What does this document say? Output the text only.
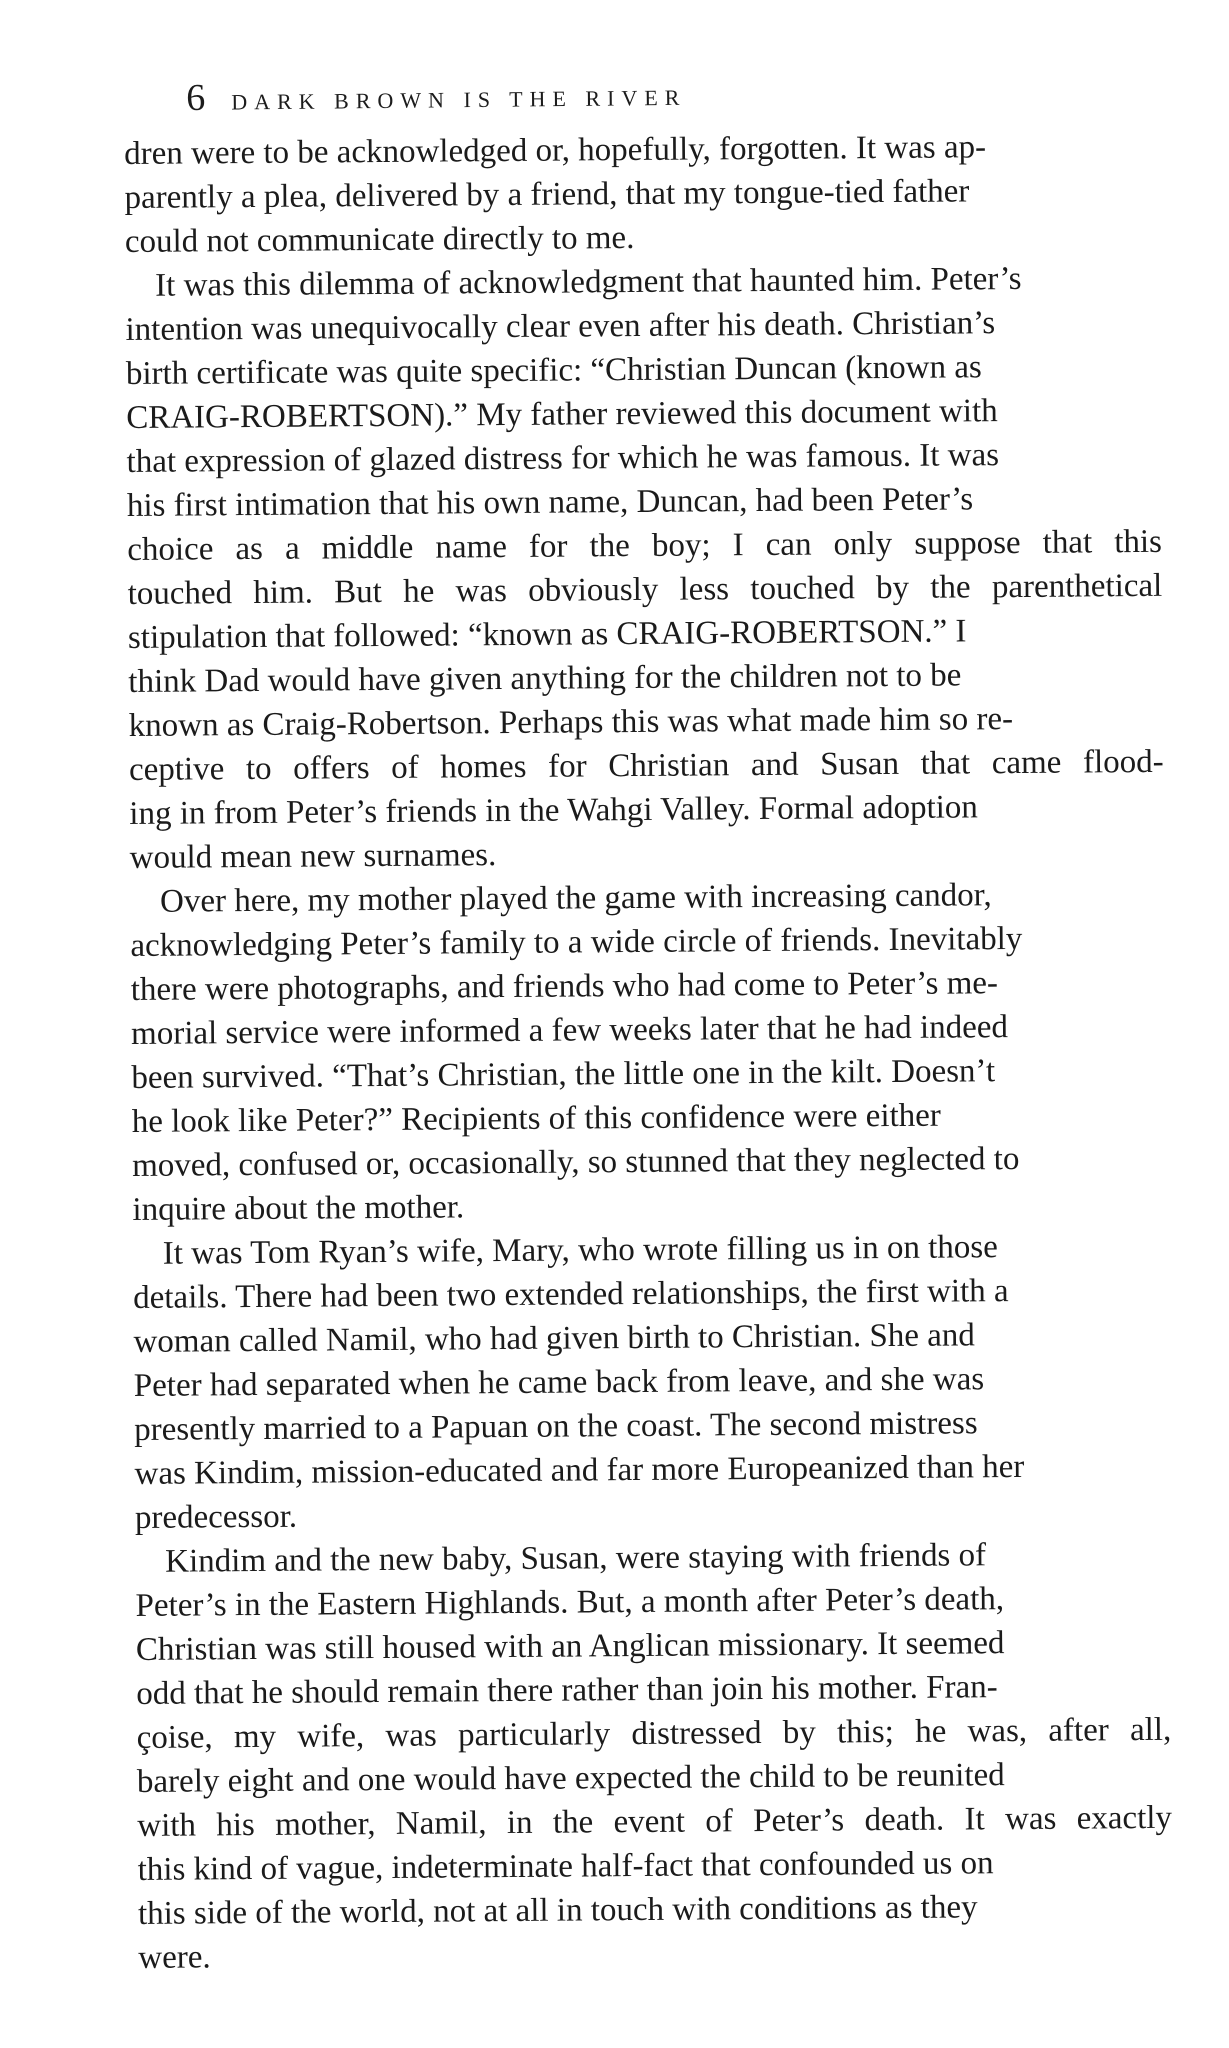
6 DARK BROWN IS THE RIVER
dren were to be acknowledged or, hopefully, forgotten. It was ap-
parently a plea, delivered by a friend, that my tongue-tied father
could not communicate directly to me.
It was this dilemma of acknowledgment that haunted him. Peter’s
intention was unequivocally clear even after his death. Christian’s
birth certificate was quite specific: “Christian Duncan (known as
CRAIG-ROBERTSON).” My father reviewed this document with
that expression of glazed distress for which he was famous. It was
his first intimation that his own name, Duncan, had been Peter’s
choice as a middle name for the boy; I can only suppose that this
touched him. But he was obviously less touched by the parenthetical
stipulation that followed: “known as CRAIG-ROBERTSON.” I
think Dad would have given anything for the children not to be
known as Craig-Robertson. Perhaps this was what made him so re-
ceptive to offers of homes for Christian and Susan that came flood-
ing in from Peter’s friends in the Wahgi Valley. Formal adoption
would mean new surnames.
Over here, my mother played the game with increasing candor,
acknowledging Peter’s family to a wide circle of friends. Inevitably
there were photographs, and friends who had come to Peter’s me-
morial service were informed a few weeks later that he had indeed
been survived. “That’s Christian, the little one in the kilt. Doesn’t
he look like Peter?” Recipients of this confidence were either
moved, confused or, occasionally, so stunned that they neglected to
inquire about the mother.
It was Tom Ryan’s wife, Mary, who wrote filling us in on those
details. There had been two extended relationships, the first with a
woman called Namil, who had given birth to Christian. She and
Peter had separated when he came back from leave, and she was
presently married to a Papuan on the coast. The second mistress
was Kindim, mission-educated and far more Europeanized than her
predecessor.
Kindim and the new baby, Susan, were staying with friends of
Peter’s in the Eastern Highlands. But, a month after Peter’s death,
Christian was still housed with an Anglican missionary. It seemed
odd that he should remain there rather than join his mother. Fran-
çoise, my wife, was particularly distressed by this; he was, after all,
barely eight and one would have expected the child to be reunited
with his mother, Namil, in the event of Peter’s death. It was exactly
this kind of vague, indeterminate half-fact that confounded us on
this side of the world, not at all in touch with conditions as they
were.
